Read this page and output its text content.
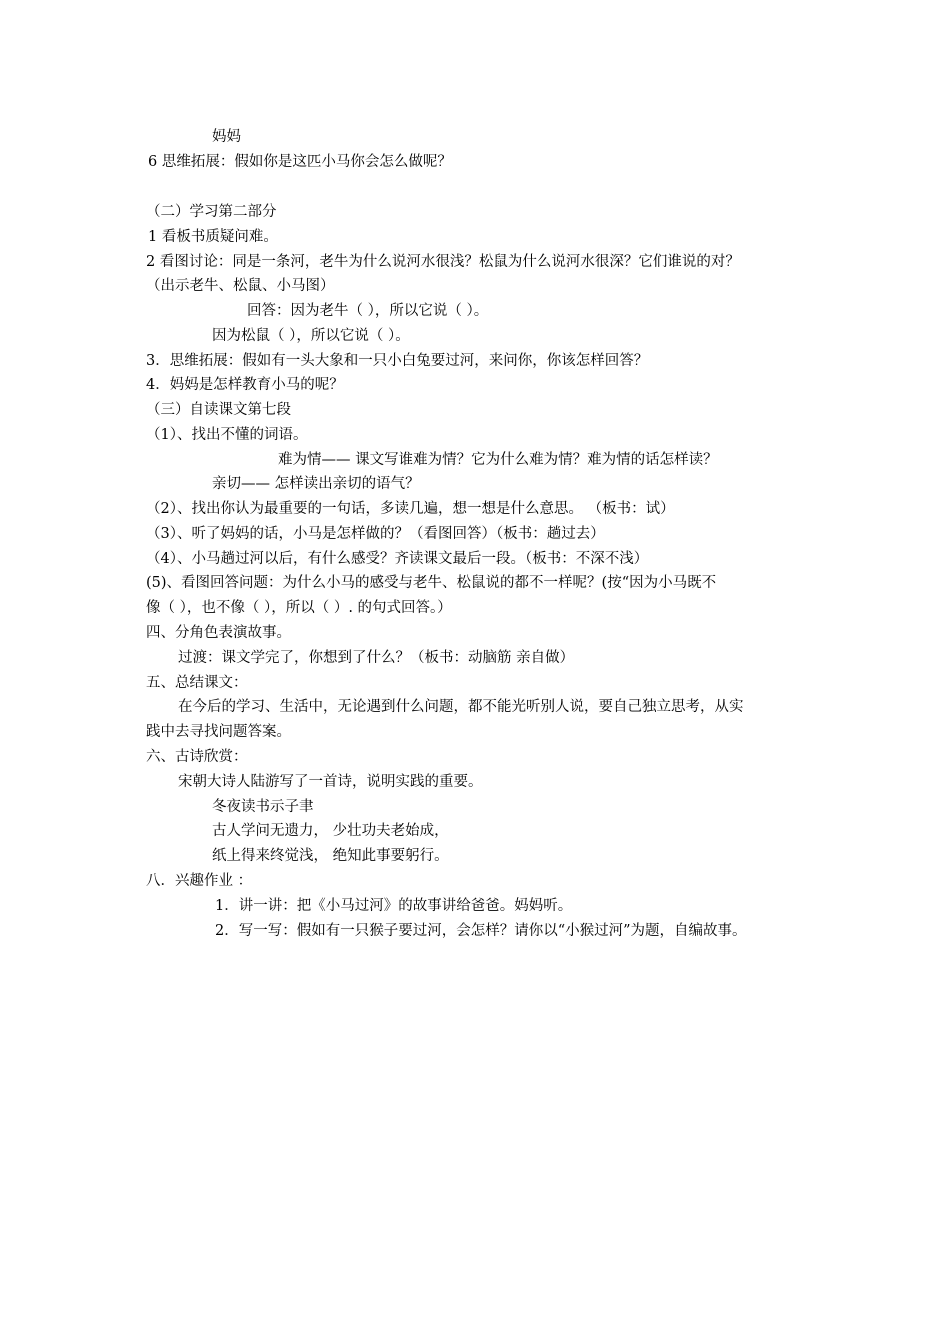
妈妈
6 思维拓展：假如你是这匹小马你会怎么做呢？
（二）学习第二部分
1 看板书质疑问难。
2 看图讨论：同是一条河，老牛为什么说河水很浅？松鼠为什么说河水很深？它们谁说的对？
（出示老牛、松鼠、小马图）
回答：因为老牛（ ），所以它说（ ）。
因为松鼠（ ），所以它说（ ）。
3．思维拓展：假如有一头大象和一只小白兔要过河，来问你，你该怎样回答？
4．妈妈是怎样教育小马的呢？
（三）自读课文第七段
（1）、找出不懂的词语。
难为情—— 课文写谁难为情？它为什么难为情？难为情的话怎样读？
亲切—— 怎样读出亲切的语气？
（2）、找出你认为最重要的一句话，多读几遍，想一想是什么意思。 （板书：试）
（3）、听了妈妈的话，小马是怎样做的？（看图回答）（板书：趟过去）
（4）、小马趟过河以后，有什么感受？齐读课文最后一段。（板书：不深不浅）
(5)、看图回答问题：为什么小马的感受与老牛、松鼠说的都不一样呢？(按“因为小马既不
像（ ），也不像（ ），所以（ ）. 的句式回答。）
四、分角色表演故事。
过渡：课文学完了，你想到了什么？（板书：动脑筋 亲自做）
五、总结课文：
在今后的学习、生活中，无论遇到什么问题，都不能光听别人说，要自己独立思考，从实
践中去寻找问题答案。
六、古诗欣赏：
宋朝大诗人陆游写了一首诗，说明实践的重要。
冬夜读书示子聿
古人学问无遗力， 少壮功夫老始成，
纸上得来终觉浅， 绝知此事要躬行。
八．兴趣作业 ：
1．讲一讲：把《小马过河》的故事讲给爸爸。妈妈听。
2．写一写：假如有一只猴子要过河，会怎样？请你以“小猴过河”为题，自编故事。
